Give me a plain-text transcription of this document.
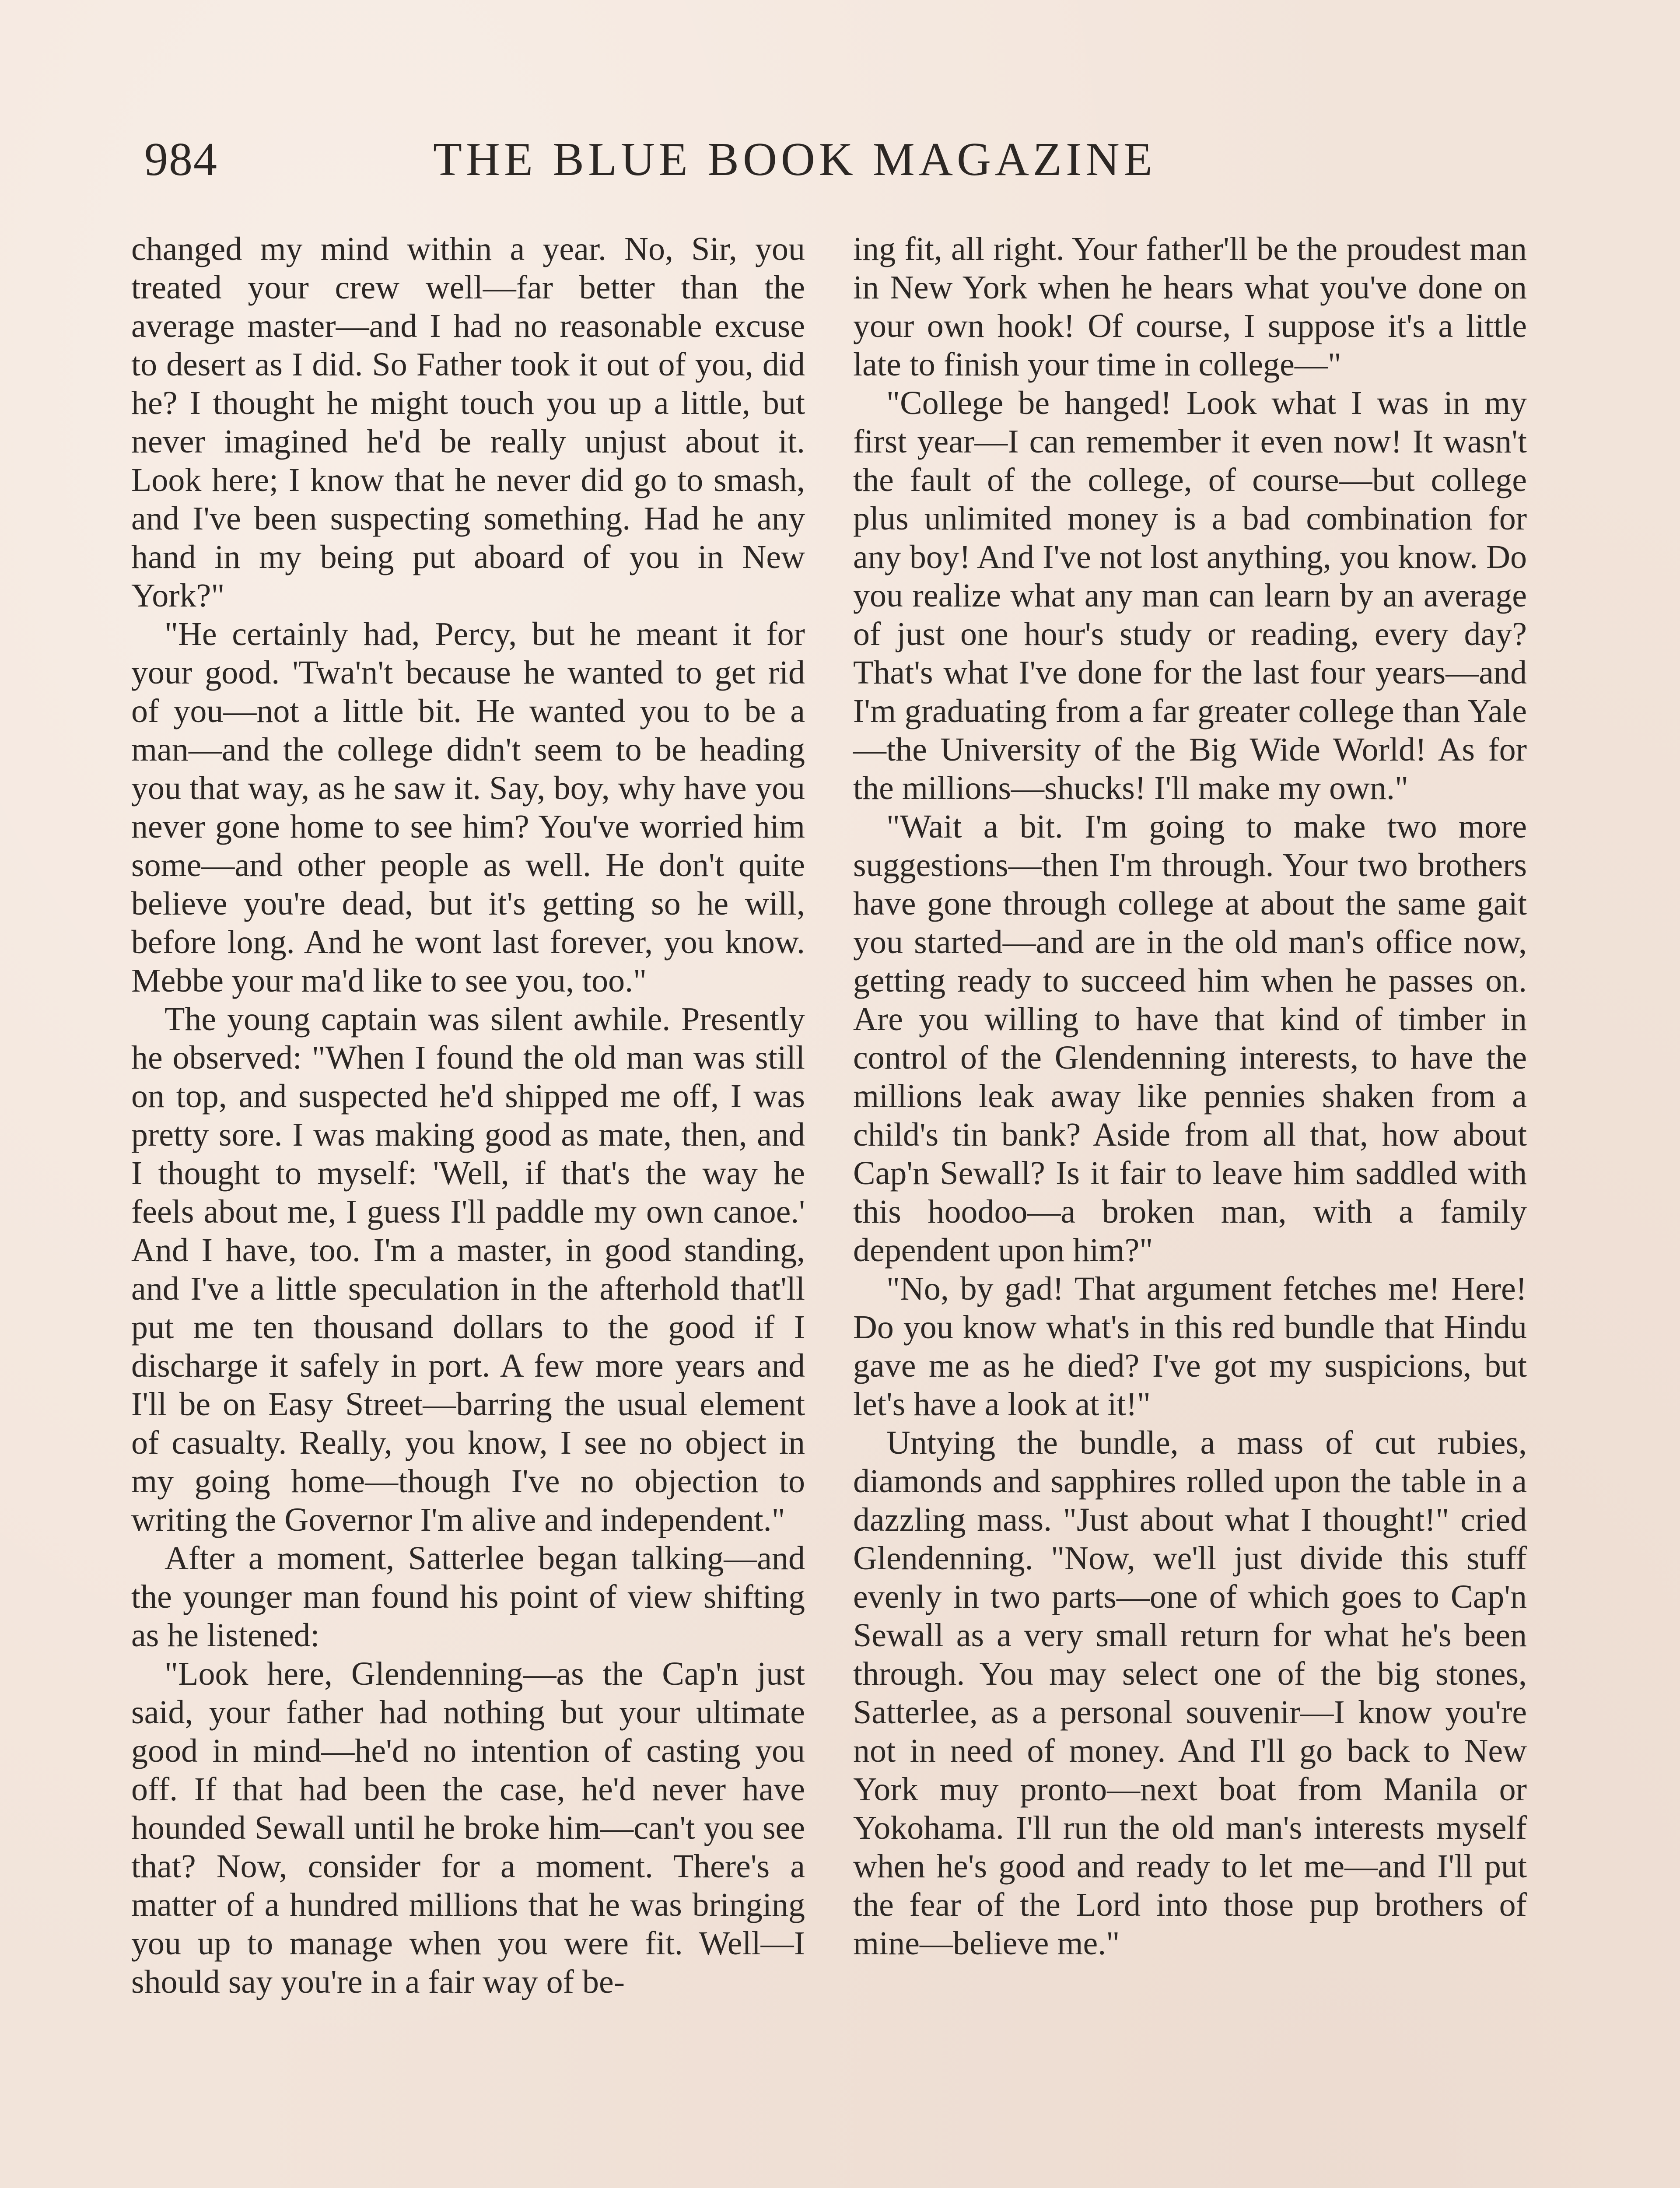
984	THE BLUE BOOK MAGAZINE

changed my mind within a year. No, Sir, you treated your crew well—far better than the average master—and I had no reasonable excuse to desert as I did. So Father took it out of you, did he? I thought he might touch you up a little, but never imagined he'd be really unjust about it. Look here; I know that he never did go to smash, and I've been suspecting something. Had he any hand in my being put aboard of you in New York?"

"He certainly had, Percy, but he meant it for your good. 'Twa'n't because he wanted to get rid of you—not a little bit. He wanted you to be a man—and the college didn't seem to be heading you that way, as he saw it. Say, boy, why have you never gone home to see him? You've worried him some—and other people as well. He don't quite believe you're dead, but it's getting so he will, before long. And he wont last forever, you know. Mebbe your ma'd like to see you, too."

The young captain was silent awhile. Presently he observed: "When I found the old man was still on top, and suspected he'd shipped me off, I was pretty sore. I was making good as mate, then, and I thought to myself: 'Well, if that's the way he feels about me, I guess I'll paddle my own canoe.' And I have, too. I'm a master, in good standing, and I've a little speculation in the afterhold that'll put me ten thousand dollars to the good if I discharge it safely in port. A few more years and I'll be on Easy Street—barring the usual element of casualty. Really, you know, I see no object in my going home—though I've no objection to writing the Governor I'm alive and independent."

After a moment, Satterlee began talking—and the younger man found his point of view shifting as he listened:

"Look here, Glendenning—as the Cap'n just said, your father had nothing but your ultimate good in mind—he'd no intention of casting you off. If that had been the case, he'd never have hounded Sewall until he broke him—can't you see that? Now, consider for a moment. There's a matter of a hundred millions that he was bringing you up to manage when you were fit. Well—I should say you're in a fair way of be-

ing fit, all right. Your father'll be the proudest man in New York when he hears what you've done on your own hook! Of course, I suppose it's a little late to finish your time in college—"

"College be hanged! Look what I was in my first year—I can remember it even now! It wasn't the fault of the college, of course—but college plus unlimited money is a bad combination for any boy! And I've not lost anything, you know. Do you realize what any man can learn by an average of just one hour's study or reading, every day? That's what I've done for the last four years—and I'm graduating from a far greater college than Yale—the University of the Big Wide World! As for the millions—shucks! I'll make my own."

"Wait a bit. I'm going to make two more suggestions—then I'm through. Your two brothers have gone through college at about the same gait you started—and are in the old man's office now, getting ready to succeed him when he passes on. Are you willing to have that kind of timber in control of the Glendenning interests, to have the millions leak away like pennies shaken from a child's tin bank? Aside from all that, how about Cap'n Sewall? Is it fair to leave him saddled with this hoodoo—a broken man, with a family dependent upon him?"

"No, by gad! That argument fetches me! Here! Do you know what's in this red bundle that Hindu gave me as he died? I've got my suspicions, but let's have a look at it!"

Untying the bundle, a mass of cut rubies, diamonds and sapphires rolled upon the table in a dazzling mass. "Just about what I thought!" cried Glendenning. "Now, we'll just divide this stuff evenly in two parts—one of which goes to Cap'n Sewall as a very small return for what he's been through. You may select one of the big stones, Satterlee, as a personal souvenir—I know you're not in need of money. And I'll go back to New York muy pronto—next boat from Manila or Yokohama. I'll run the old man's interests myself when he's good and ready to let me—and I'll put the fear of the Lord into those pup brothers of mine—believe me."
